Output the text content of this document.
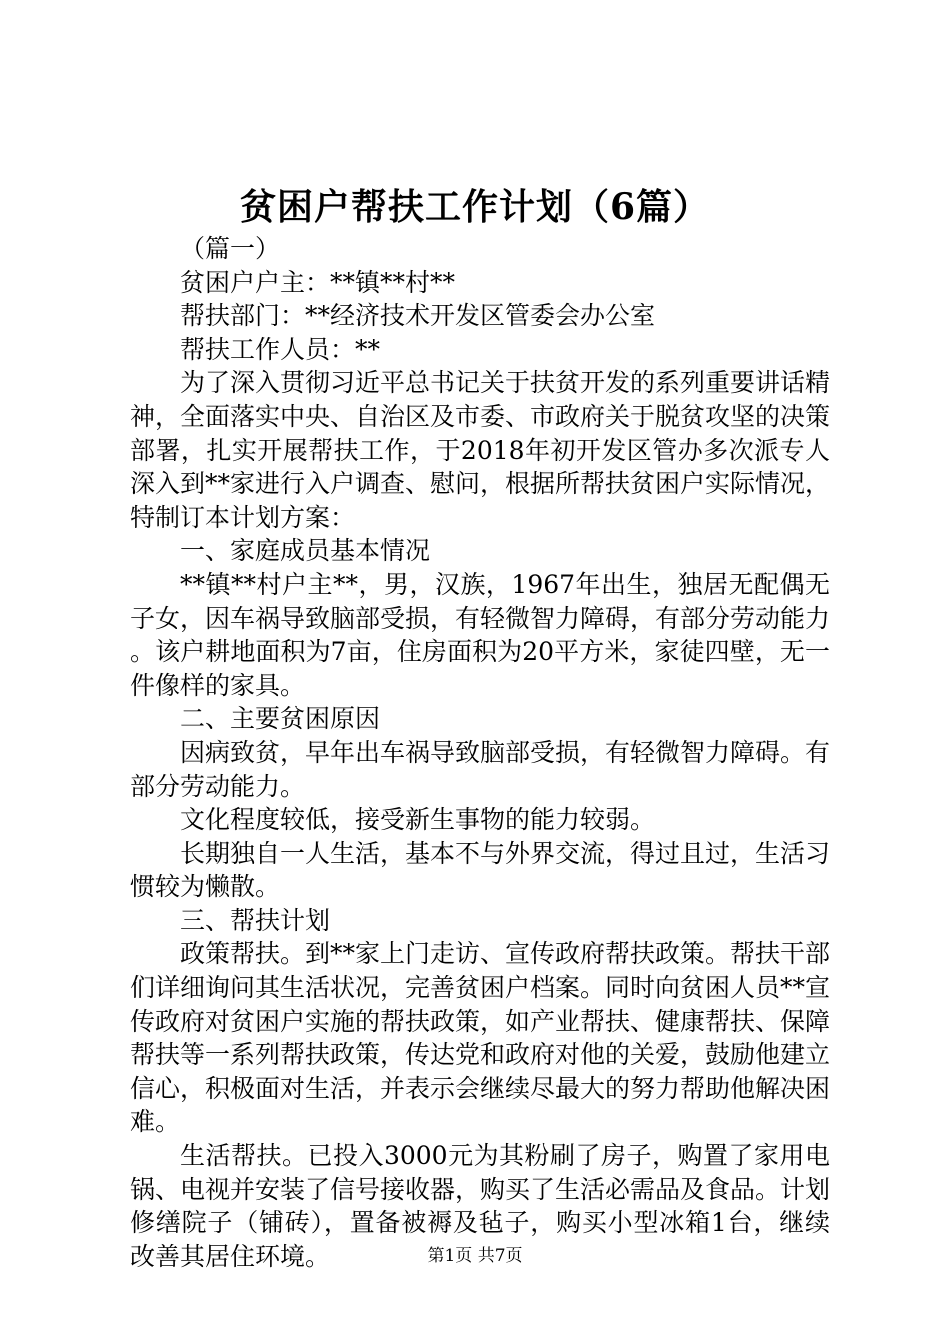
贫困户帮扶工作计划（6篇）

（篇一）

贫困户户主：**镇**村**

帮扶部门：**经济技术开发区管委会办公室

帮扶工作人员：**

为了深入贯彻习近平总书记关于扶贫开发的系列重要讲话精神，全面落实中央、自治区及市委、市政府关于脱贫攻坚的决策部署，扎实开展帮扶工作，于2018年初开发区管办多次派专人深入到**家进行入户调查、慰问，根据所帮扶贫困户实际情况，特制订本计划方案：

一、家庭成员基本情况

**镇**村户主**，男，汉族，1967年出生，独居无配偶无子女，因车祸导致脑部受损，有轻微智力障碍，有部分劳动能力。该户耕地面积为7亩，住房面积为20平方米，家徒四壁，无一件像样的家具。

二、主要贫困原因

因病致贫，早年出车祸导致脑部受损，有轻微智力障碍。有部分劳动能力。

文化程度较低，接受新生事物的能力较弱。

长期独自一人生活，基本不与外界交流，得过且过，生活习惯较为懒散。

三、帮扶计划

政策帮扶。到**家上门走访、宣传政府帮扶政策。帮扶干部们详细询问其生活状况，完善贫困户档案。同时向贫困人员**宣传政府对贫困户实施的帮扶政策，如产业帮扶、健康帮扶、保障帮扶等一系列帮扶政策，传达党和政府对他的关爱，鼓励他建立信心，积极面对生活，并表示会继续尽最大的努力帮助他解决困难。

生活帮扶。已投入3000元为其粉刷了房子，购置了家用电锅、电视并安装了信号接收器，购买了生活必需品及食品。计划修缮院子（铺砖），置备被褥及毡子，购买小型冰箱1台，继续改善其居住环境。	第1页 共7页
